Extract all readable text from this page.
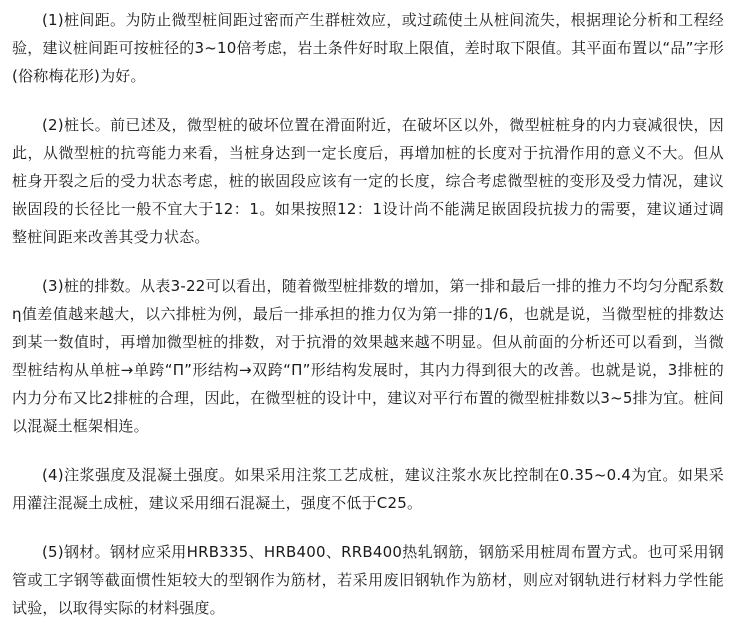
(1)桩间距。为防止微型桩间距过密而产生群桩效应，或过疏使土从桩间流失，根据理论分析和工程经验，建议桩间距可按桩径的3~10倍考虑，岩土条件好时取上限值，差时取下限值。其平面布置以“品”字形(俗称梅花形)为好。

(2)桩长。前已述及，微型桩的破坏位置在滑面附近，在破坏区以外，微型桩桩身的内力衰减很快，因此，从微型桩的抗弯能力来看，当桩身达到一定长度后，再增加桩的长度对于抗滑作用的意义不大。但从桩身开裂之后的受力状态考虑，桩的嵌固段应该有一定的长度，综合考虑微型桩的变形及受力情况，建议嵌固段的长径比一般不宜大于12：1。如果按照12：1设计尚不能满足嵌固段抗拔力的需要，建议通过调整桩间距来改善其受力状态。

(3)桩的排数。从表3-22可以看出，随着微型桩排数的增加，第一排和最后一排的推力不均匀分配系数η值差值越来越大，以六排桩为例，最后一排承担的推力仅为第一排的1/6，也就是说，当微型桩的排数达到某一数值时，再增加微型桩的排数，对于抗滑的效果越来越不明显。但从前面的分析还可以看到，当微型桩结构从单桩→单跨“Π”形结构→双跨“Π”形结构发展时，其内力得到很大的改善。也就是说，3排桩的内力分布又比2排桩的合理，因此，在微型桩的设计中，建议对平行布置的微型桩排数以3~5排为宜。桩间以混凝土框架相连。

(4)注浆强度及混凝土强度。如果采用注浆工艺成桩，建议注浆水灰比控制在0.35~0.4为宜。如果采用灌注混凝土成桩，建议采用细石混凝土，强度不低于C25。

(5)钢材。钢材应采用HRB335、HRB400、RRB400热轧钢筋，钢筋采用桩周布置方式。也可采用钢管或工字钢等截面惯性矩较大的型钢作为筋材，若采用废旧钢轨作为筋材，则应对钢轨进行材料力学性能试验，以取得实际的材料强度。
